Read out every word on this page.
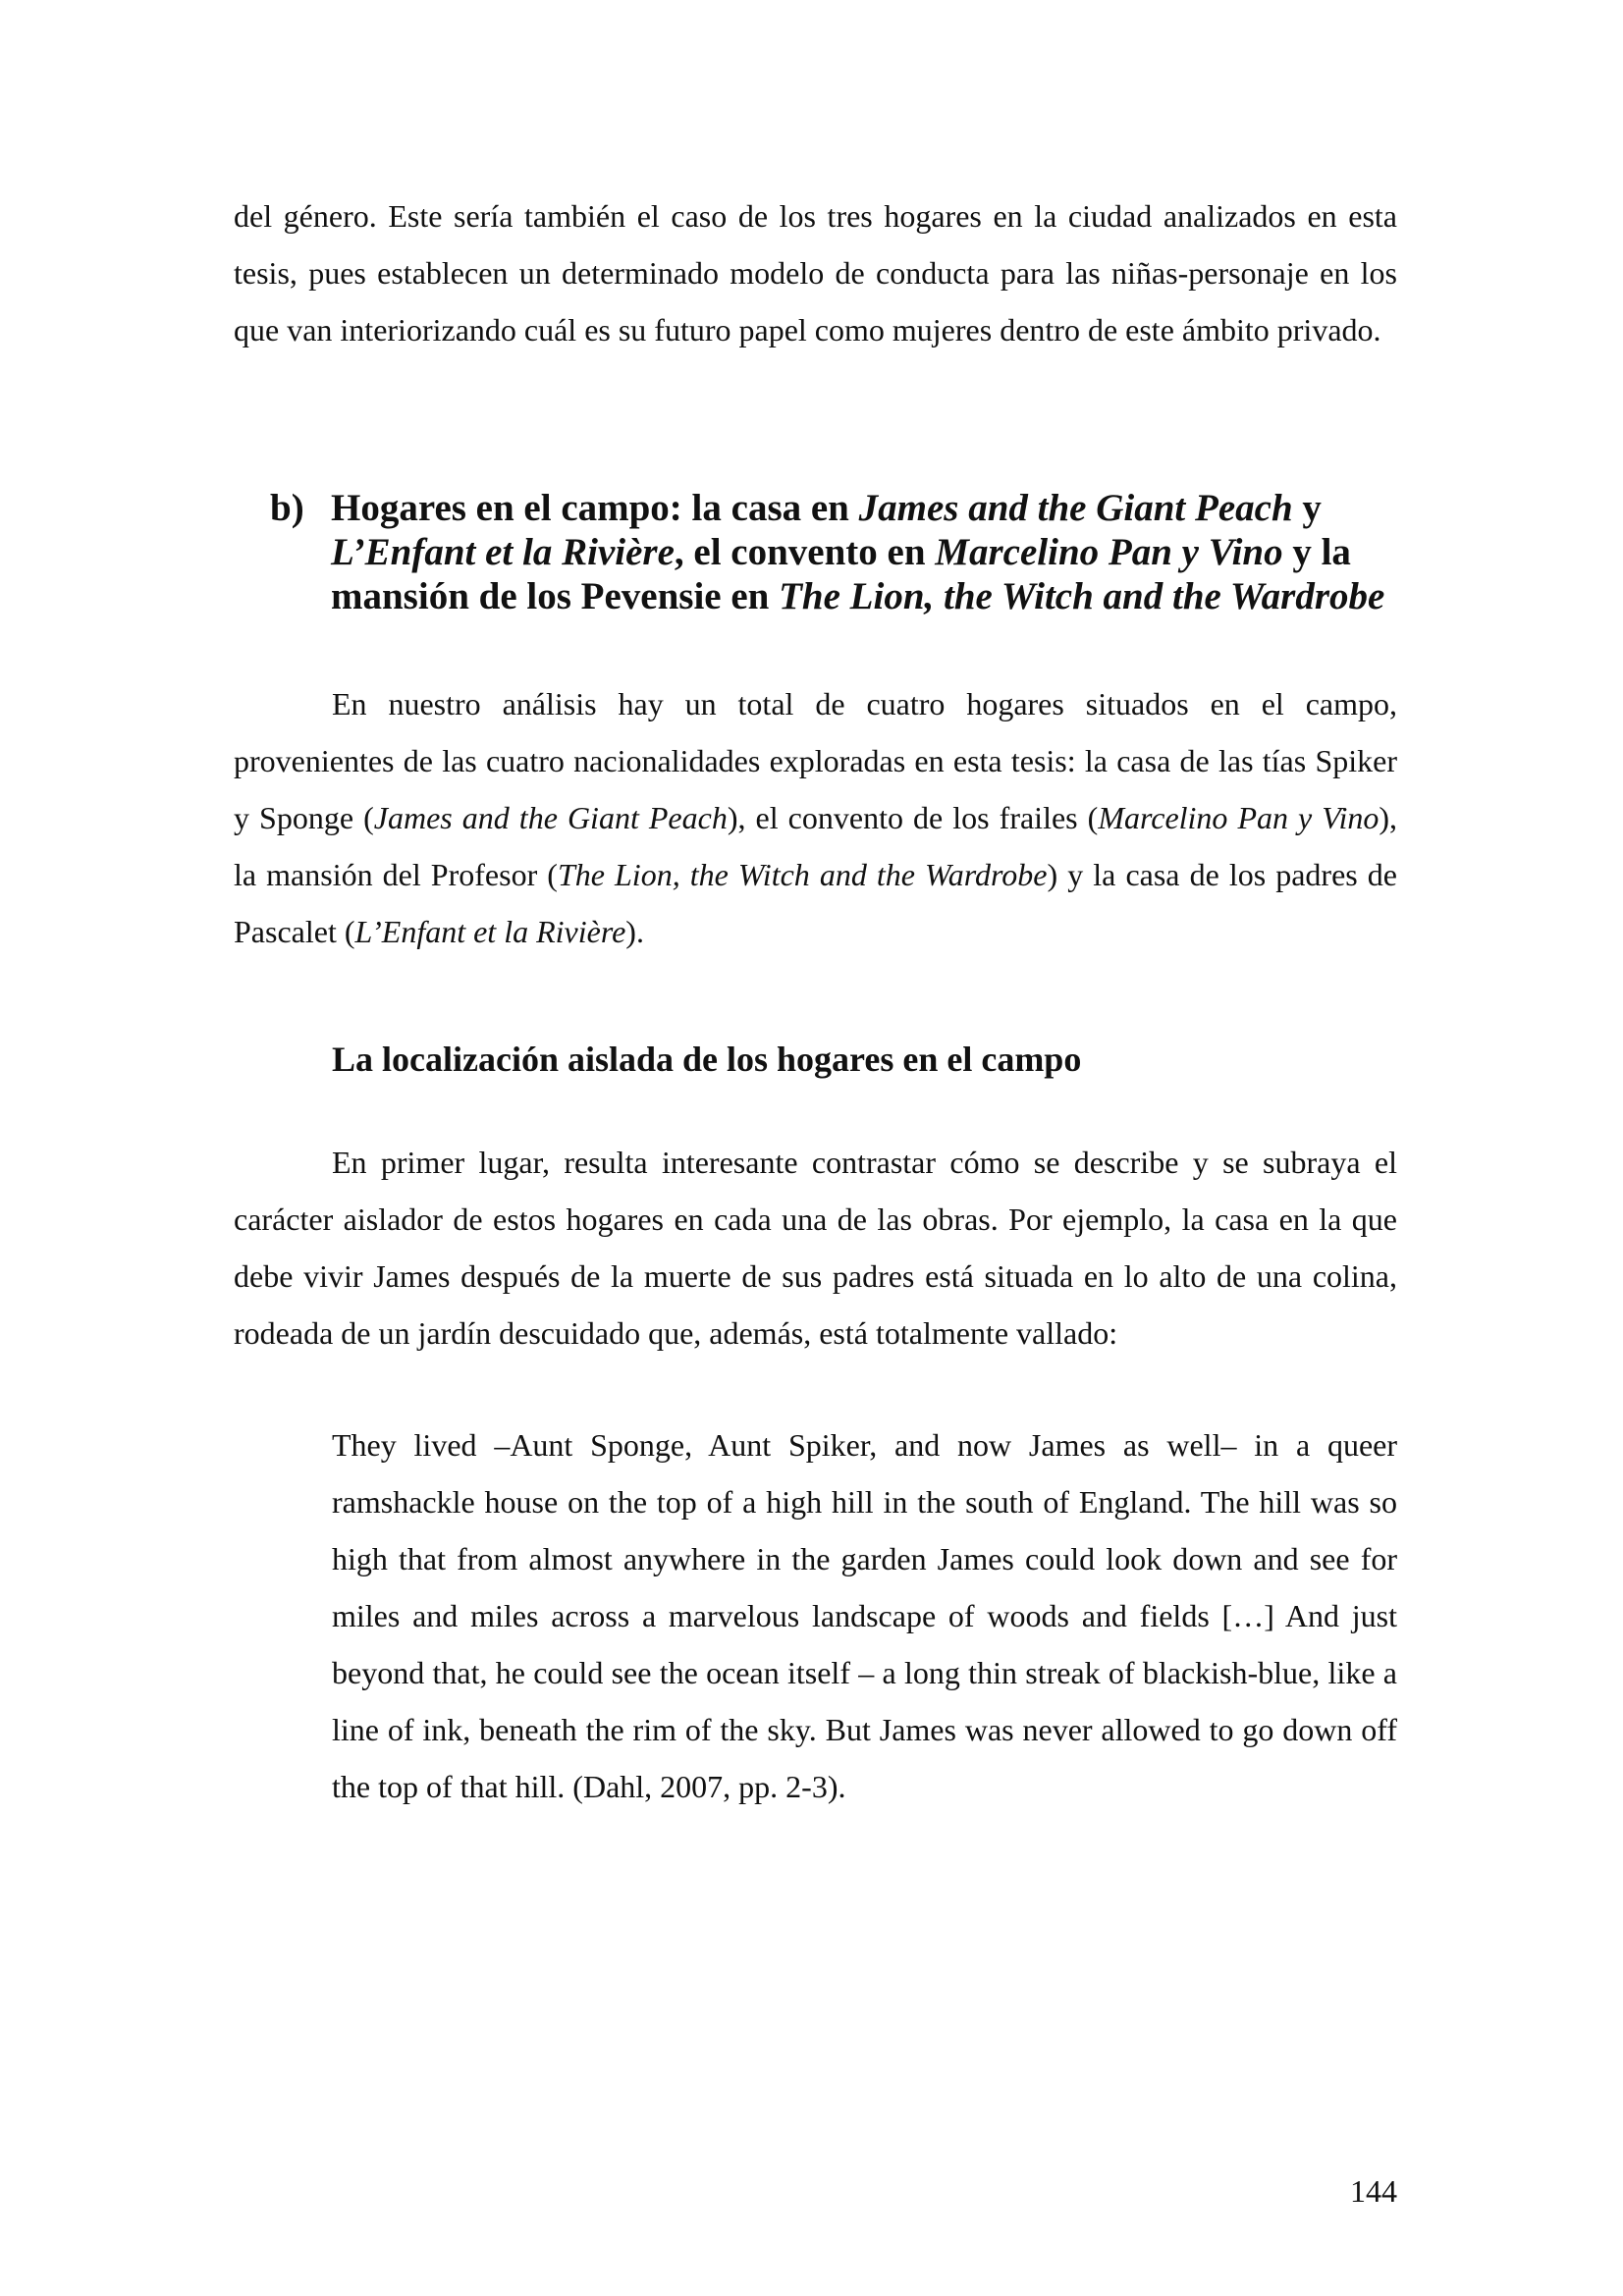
del género. Este sería también el caso de los tres hogares en la ciudad analizados en esta tesis, pues establecen un determinado modelo de conducta para las niñas-personaje en los que van interiorizando cuál es su futuro papel como mujeres dentro de este ámbito privado.

b) Hogares en el campo: la casa en James and the Giant Peach y L’Enfant et la Rivière, el convento en Marcelino Pan y Vino y la mansión de los Pevensie en The Lion, the Witch and the Wardrobe

En nuestro análisis hay un total de cuatro hogares situados en el campo, provenientes de las cuatro nacionalidades exploradas en esta tesis: la casa de las tías Spiker y Sponge (James and the Giant Peach), el convento de los frailes (Marcelino Pan y Vino), la mansión del Profesor (The Lion, the Witch and the Wardrobe) y la casa de los padres de Pascalet (L’Enfant et la Rivière).

La localización aislada de los hogares en el campo

En primer lugar, resulta interesante contrastar cómo se describe y se subraya el carácter aislador de estos hogares en cada una de las obras. Por ejemplo, la casa en la que debe vivir James después de la muerte de sus padres está situada en lo alto de una colina, rodeada de un jardín descuidado que, además, está totalmente vallado:

They lived –Aunt Sponge, Aunt Spiker, and now James as well– in a queer ramshackle house on the top of a high hill in the south of England. The hill was so high that from almost anywhere in the garden James could look down and see for miles and miles across a marvelous landscape of woods and fields […] And just beyond that, he could see the ocean itself – a long thin streak of blackish-blue, like a line of ink, beneath the rim of the sky. But James was never allowed to go down off the top of that hill. (Dahl, 2007, pp. 2-3).

144
